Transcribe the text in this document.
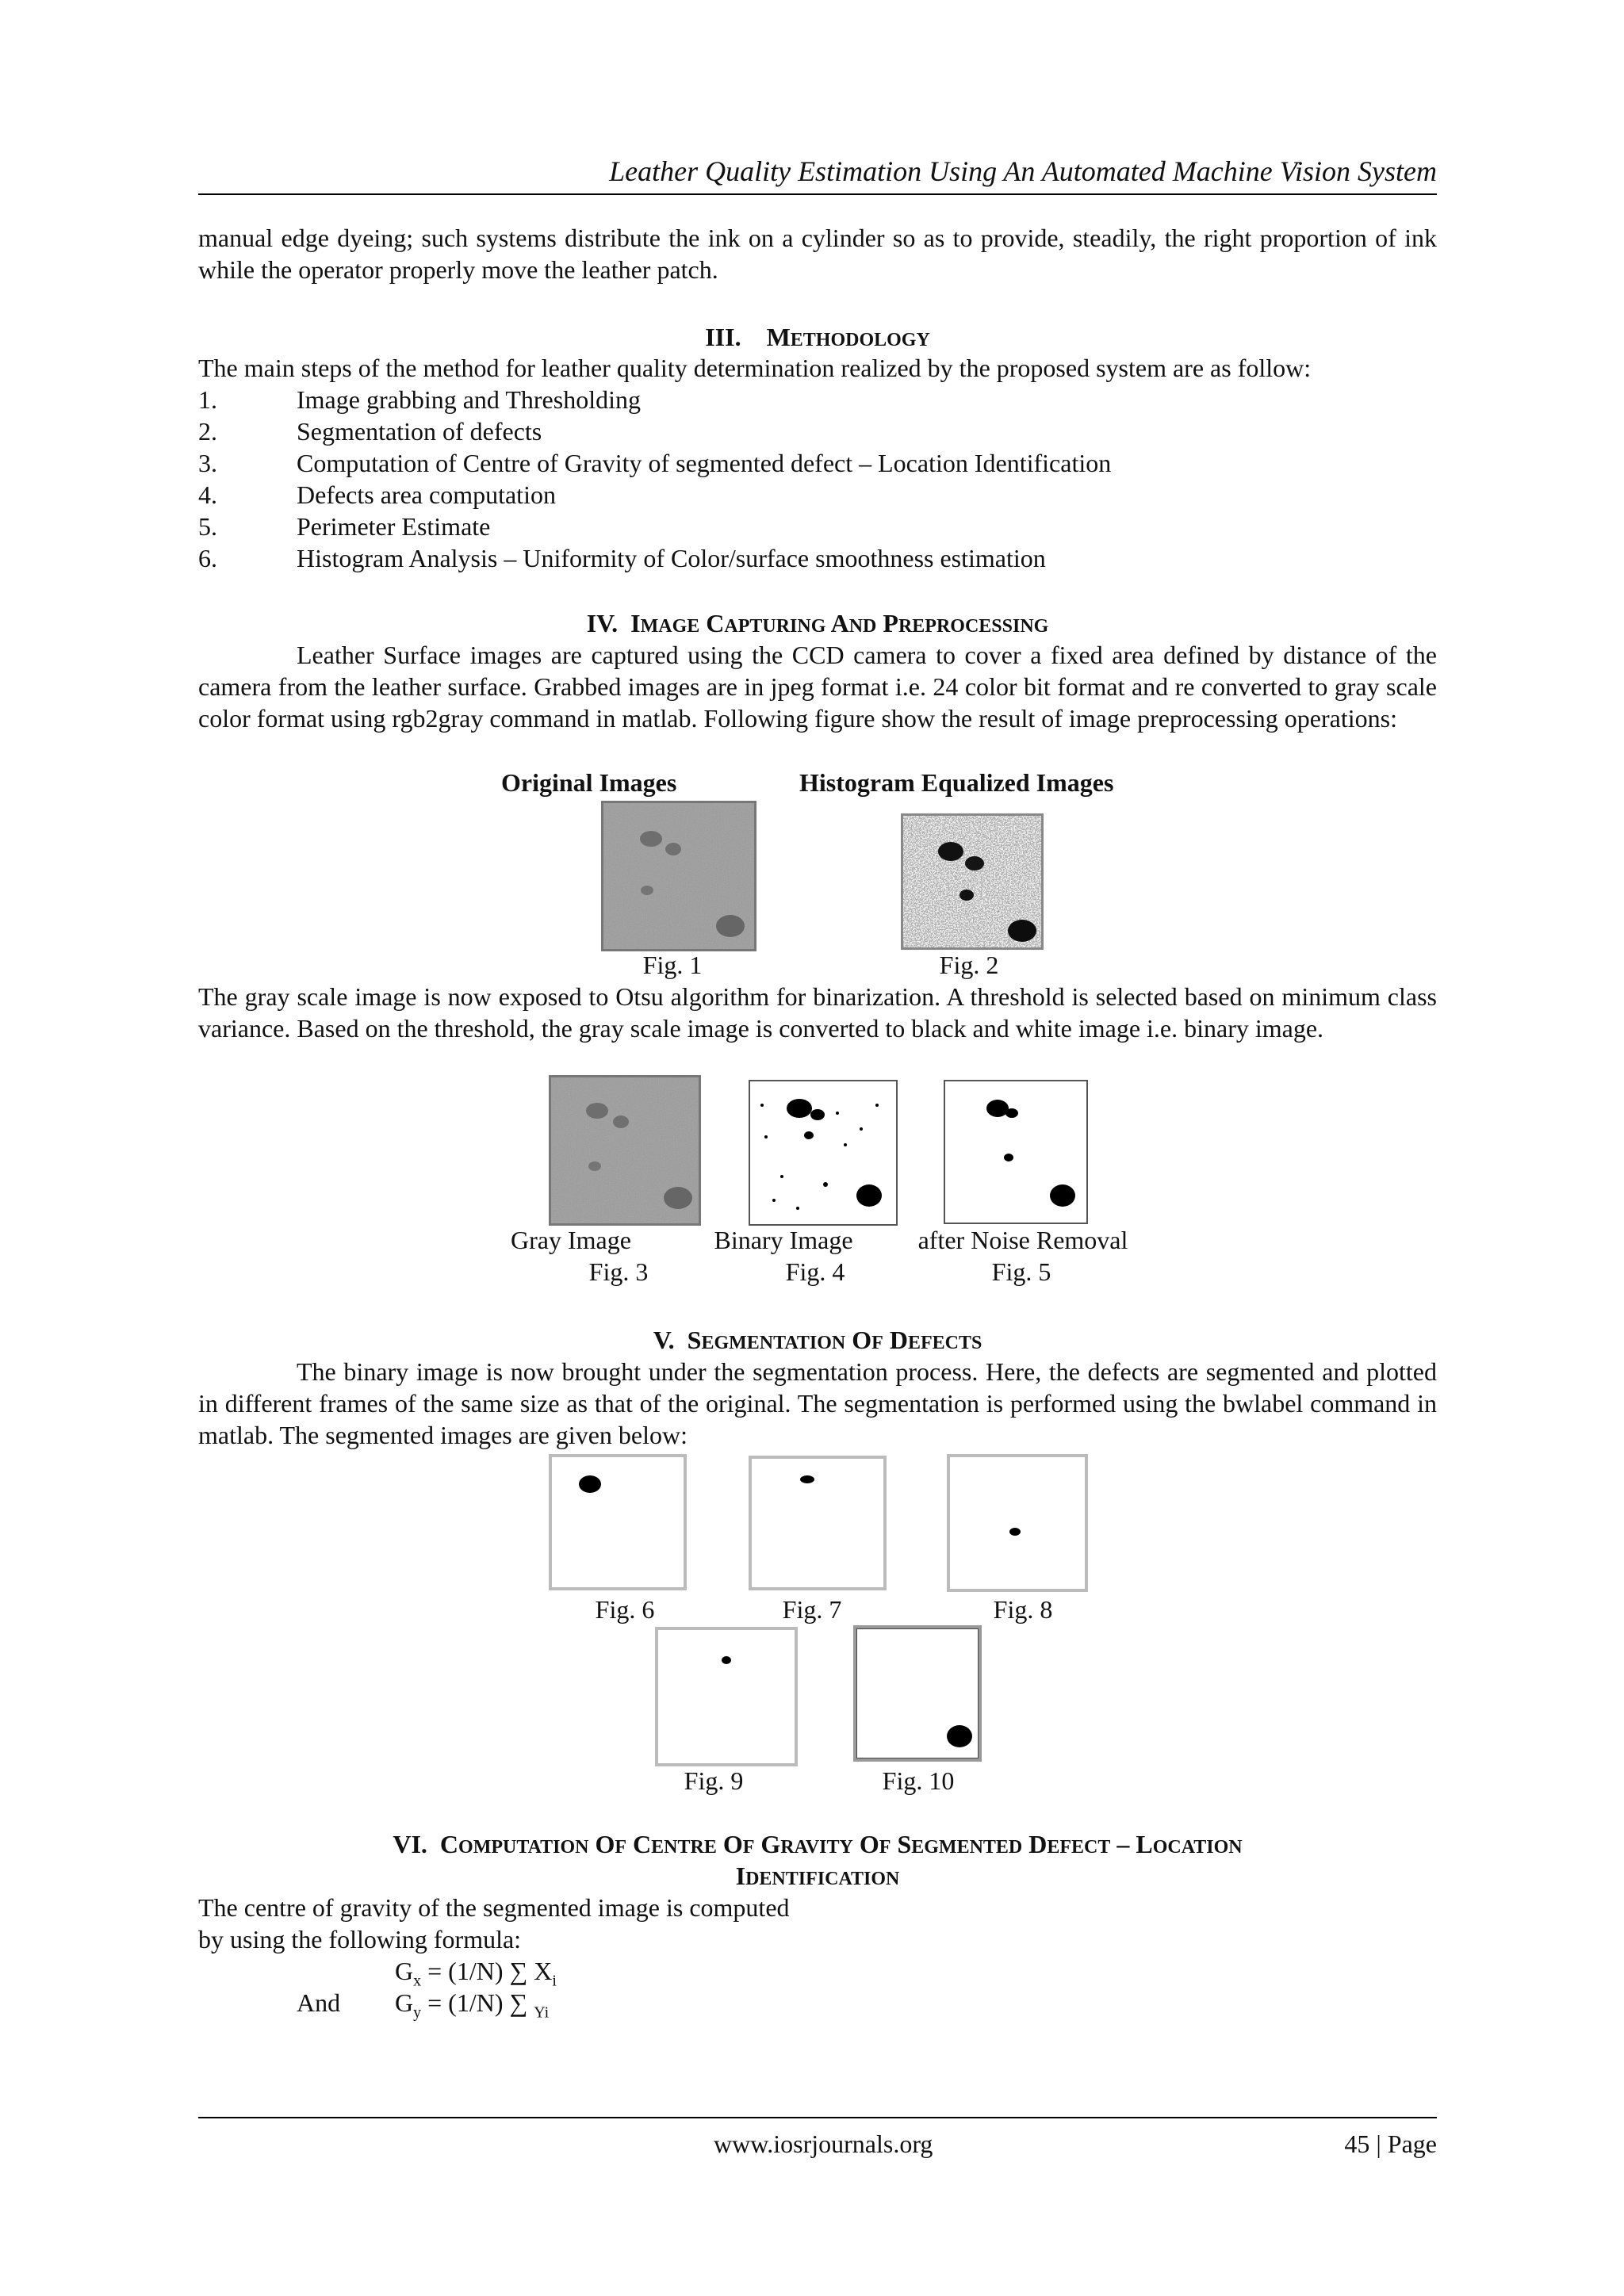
Leather Quality Estimation Using An Automated Machine Vision System
manual edge dyeing; such systems distribute the ink on a cylinder so as to provide, steadily, the right proportion of ink while the operator properly move the leather patch.
III. METHODOLOGY
The main steps of the method for leather quality determination realized by the proposed system are as follow:
1.	Image grabbing and Thresholding
2.	Segmentation of defects
3.	Computation of Centre of Gravity of segmented defect – Location Identification
4.	Defects area computation
5.	Perimeter Estimate
6.	Histogram Analysis – Uniformity of Color/surface smoothness estimation
IV. IMAGE CAPTURING AND PREPROCESSING
Leather Surface images are captured using the CCD camera to cover a fixed area defined by distance of the camera from the leather surface. Grabbed images are in jpeg format i.e. 24 color bit format and re converted to gray scale color format using rgb2gray command in matlab. Following figure show the result of image preprocessing operations:
Original Images	Histogram Equalized Images
Fig. 1	Fig. 2
The gray scale image is now exposed to Otsu algorithm for binarization. A threshold is selected based on minimum class variance. Based on the threshold, the gray scale image is converted to black and white image i.e. binary image.
Gray Image	Binary Image	after Noise Removal
Fig. 3	Fig. 4	Fig. 5
V. SEGMENTATION OF DEFECTS
The binary image is now brought under the segmentation process. Here, the defects are segmented and plotted in different frames of the same size as that of the original. The segmentation is performed using the bwlabel command in matlab. The segmented images are given below:
Fig. 6	Fig. 7	Fig. 8
Fig. 9	Fig. 10
VI. COMPUTATION OF CENTRE OF GRAVITY OF SEGMENTED DEFECT – LOCATION
IDENTIFICATION
The centre of gravity of the segmented image is computed
by using the following formula:
$G_x = (1/N)$ ∑ $X_i$
And $G_y = (1/N)$ ∑ $_{Yi}$
www.iosrjournals.org	45 | Page
